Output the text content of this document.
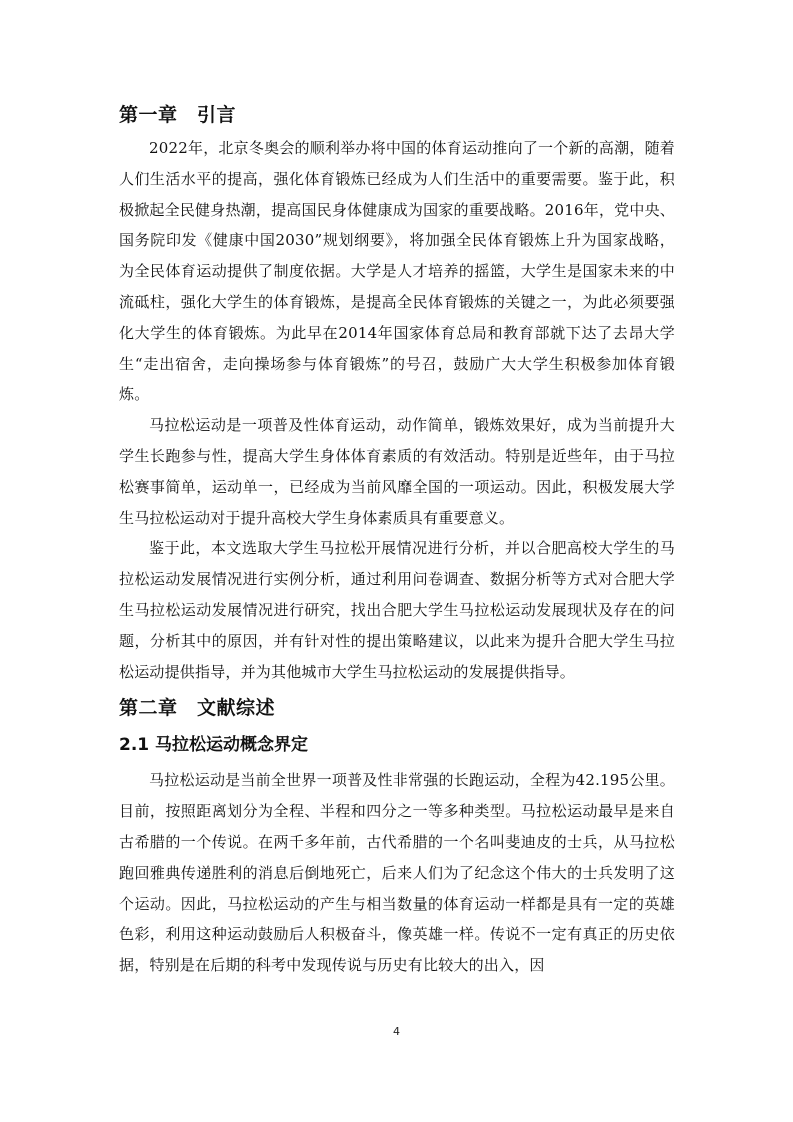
第一章　引言

2022年，北京冬奥会的顺利举办将中国的体育运动推向了一个新的高潮，随着人们生活水平的提高，强化体育锻炼已经成为人们生活中的重要需要。鉴于此，积极掀起全民健身热潮，提高国民身体健康成为国家的重要战略。2016年，党中央、国务院印发《健康中国2030”规划纲要》，将加强全民体育锻炼上升为国家战略，为全民体育运动提供了制度依据。大学是人才培养的摇篮，大学生是国家未来的中流砥柱，强化大学生的体育锻炼，是提高全民体育锻炼的关键之一，为此必须要强化大学生的体育锻炼。为此早在2014年国家体育总局和教育部就下达了去昂大学生“走出宿舍，走向操场参与体育锻炼”的号召，鼓励广大大学生积极参加体育锻炼。

马拉松运动是一项普及性体育运动，动作简单，锻炼效果好，成为当前提升大学生长跑参与性，提高大学生身体体育素质的有效活动。特别是近些年，由于马拉松赛事简单，运动单一，已经成为当前风靡全国的一项运动。因此，积极发展大学生马拉松运动对于提升高校大学生身体素质具有重要意义。

鉴于此，本文选取大学生马拉松开展情况进行分析，并以合肥高校大学生的马拉松运动发展情况进行实例分析，通过利用问卷调查、数据分析等方式对合肥大学生马拉松运动发展情况进行研究，找出合肥大学生马拉松运动发展现状及存在的问题，分析其中的原因，并有针对性的提出策略建议，以此来为提升合肥大学生马拉松运动提供指导，并为其他城市大学生马拉松运动的发展提供指导。

第二章　文献综述
2.1 马拉松运动概念界定

马拉松运动是当前全世界一项普及性非常强的长跑运动，全程为42.195公里。目前，按照距离划分为全程、半程和四分之一等多种类型。马拉松运动最早是来自古希腊的一个传说。在两千多年前，古代希腊的一个名叫斐迪皮的士兵，从马拉松跑回雅典传递胜利的消息后倒地死亡，后来人们为了纪念这个伟大的士兵发明了这个运动。因此，马拉松运动的产生与相当数量的体育运动一样都是具有一定的英雄色彩，利用这种运动鼓励后人积极奋斗，像英雄一样。传说不一定有真正的历史依据，特别是在后期的科考中发现传说与历史有比较大的出入，因

4
